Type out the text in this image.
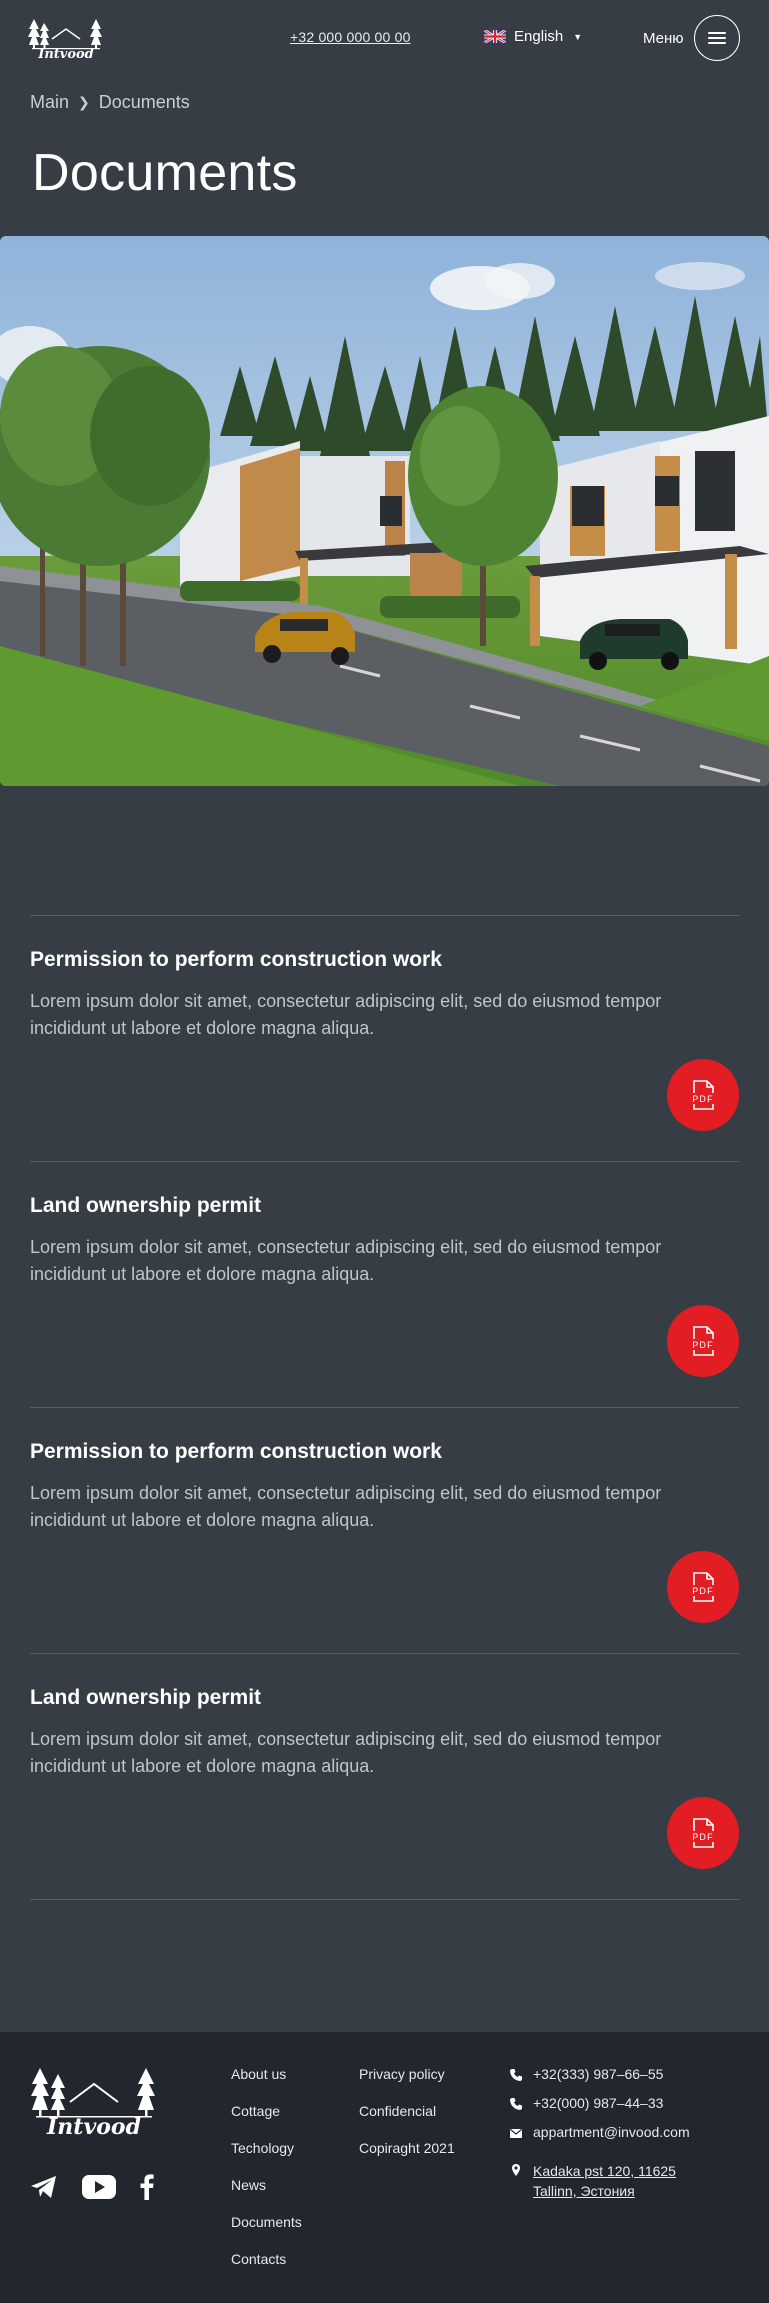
Intvood
+32 000 000 00 00	English ▼	Меню
Main ❯ Documents
Documents
Permission to perform construction work

Lorem ipsum dolor sit amet, consectetur adipiscing elit, sed do eiusmod tempor incididunt ut labore et dolore magna aliqua.

PDF
Land ownership permit

Lorem ipsum dolor sit amet, consectetur adipiscing elit, sed do eiusmod tempor incididunt ut labore et dolore magna aliqua.

PDF
Permission to perform construction work

Lorem ipsum dolor sit amet, consectetur adipiscing elit, sed do eiusmod tempor incididunt ut labore et dolore magna aliqua.

PDF
Land ownership permit

Lorem ipsum dolor sit amet, consectetur adipiscing elit, sed do eiusmod tempor incididunt ut labore et dolore magna aliqua.

PDF
Intvood
About us
Cottage
Techology
News
Documents
Contacts
Privacy policy
Confidencial
Copiraght 2021
+32(333) 987–66–55
+32(000) 987–44–33
appartment@invood.com
Kadaka pst 120, 11625 Tallinn, Эстония
